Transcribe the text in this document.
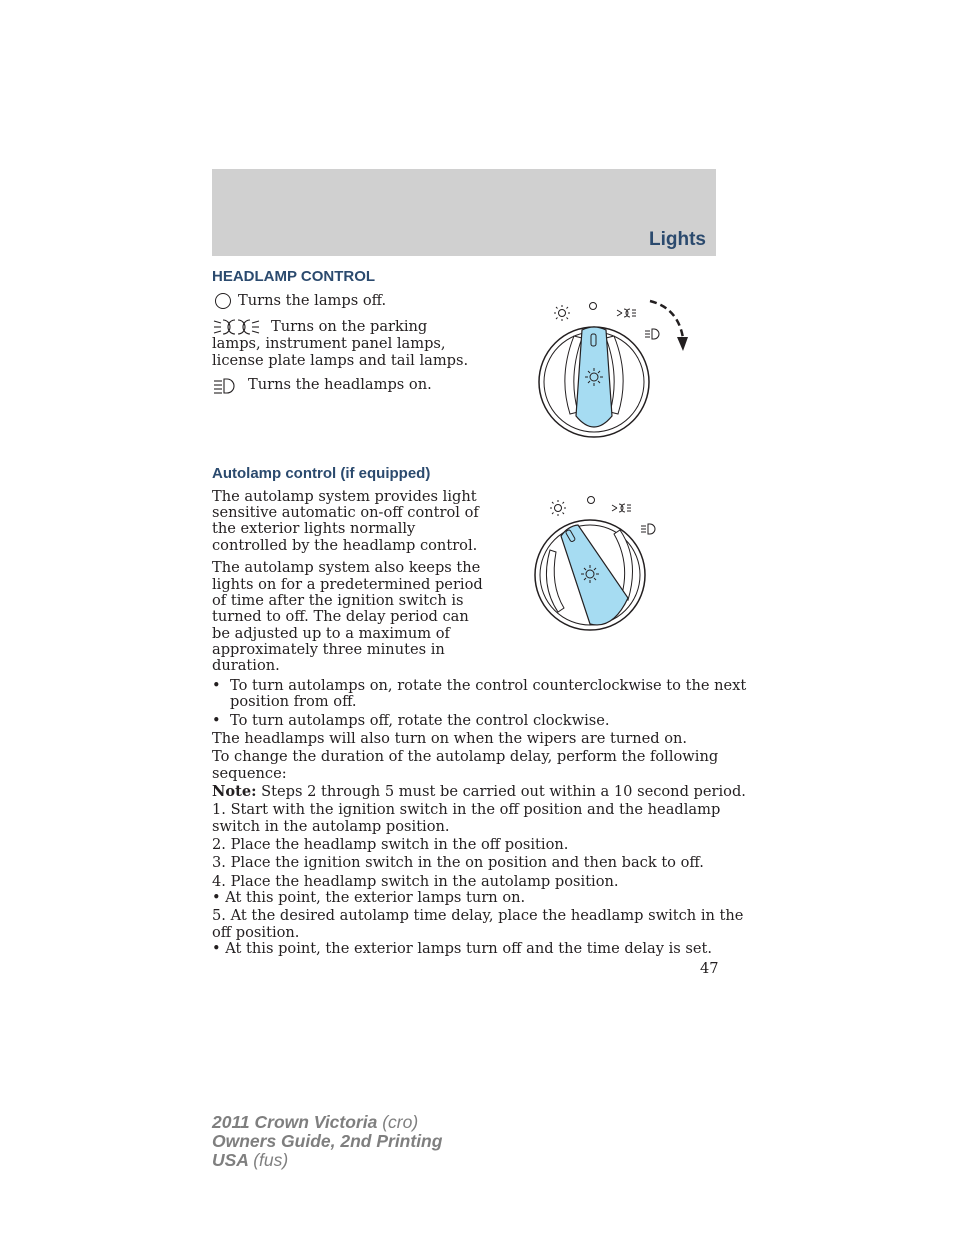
Lights
HEADLAMP CONTROL
Turns the lamps off.
Turns on the parking
lamps, instrument panel lamps,
license plate lamps and tail lamps.
Turns the headlamps on.
Autolamp control (if equipped)
The autolamp system provides light
sensitive automatic on-off control of
the exterior lights normally
controlled by the headlamp control.
The autolamp system also keeps the
lights on for a predetermined period
of time after the ignition switch is
turned to off. The delay period can
be adjusted up to a maximum of
approximately three minutes in
duration.
• To turn autolamps on, rotate the control counterclockwise to the next
position from off.
• To turn autolamps off, rotate the control clockwise.
The headlamps will also turn on when the wipers are turned on.
To change the duration of the autolamp delay, perform the following
sequence:
Note: Steps 2 through 5 must be carried out within a 10 second period.
1. Start with the ignition switch in the off position and the headlamp
switch in the autolamp position.
2. Place the headlamp switch in the off position.
3. Place the ignition switch in the on position and then back to off.
4. Place the headlamp switch in the autolamp position.
• At this point, the exterior lamps turn on.
5. At the desired autolamp time delay, place the headlamp switch in the
off position.
• At this point, the exterior lamps turn off and the time delay is set.
47
2011 Crown Victoria (cro)
Owners Guide, 2nd Printing
USA (fus)
